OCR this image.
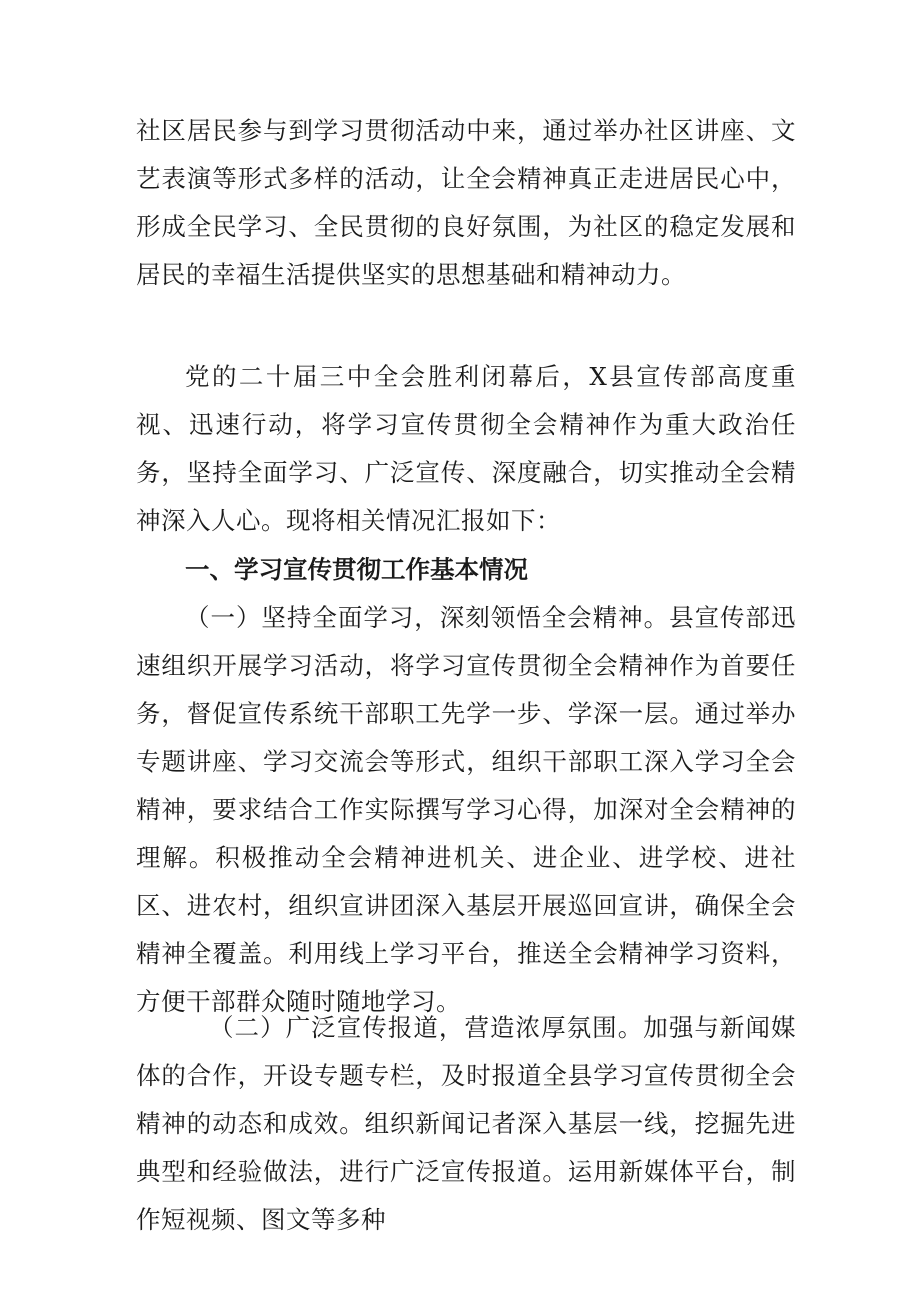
社区居民参与到学习贯彻活动中来，通过举办社区讲座、文艺表演等形式多样的活动，让全会精神真正走进居民心中，形成全民学习、全民贯彻的良好氛围，为社区的稳定发展和居民的幸福生活提供坚实的思想基础和精神动力。

党的二十届三中全会胜利闭幕后，X县宣传部高度重视、迅速行动，将学习宣传贯彻全会精神作为重大政治任务，坚持全面学习、广泛宣传、深度融合，切实推动全会精神深入人心。现将相关情况汇报如下：

一、学习宣传贯彻工作基本情况

（一）坚持全面学习，深刻领悟全会精神。县宣传部迅速组织开展学习活动，将学习宣传贯彻全会精神作为首要任务，督促宣传系统干部职工先学一步、学深一层。通过举办专题讲座、学习交流会等形式，组织干部职工深入学习全会精神，要求结合工作实际撰写学习心得，加深对全会精神的理解。积极推动全会精神进机关、进企业、进学校、进社区、进农村，组织宣讲团深入基层开展巡回宣讲，确保全会精神全覆盖。利用线上学习平台，推送全会精神学习资料，方便干部群众随时随地学习。

（二）广泛宣传报道，营造浓厚氛围。加强与新闻媒体的合作，开设专题专栏，及时报道全县学习宣传贯彻全会精神的动态和成效。组织新闻记者深入基层一线，挖掘先进典型和经验做法，进行广泛宣传报道。运用新媒体平台，制作短视频、图文等多种
